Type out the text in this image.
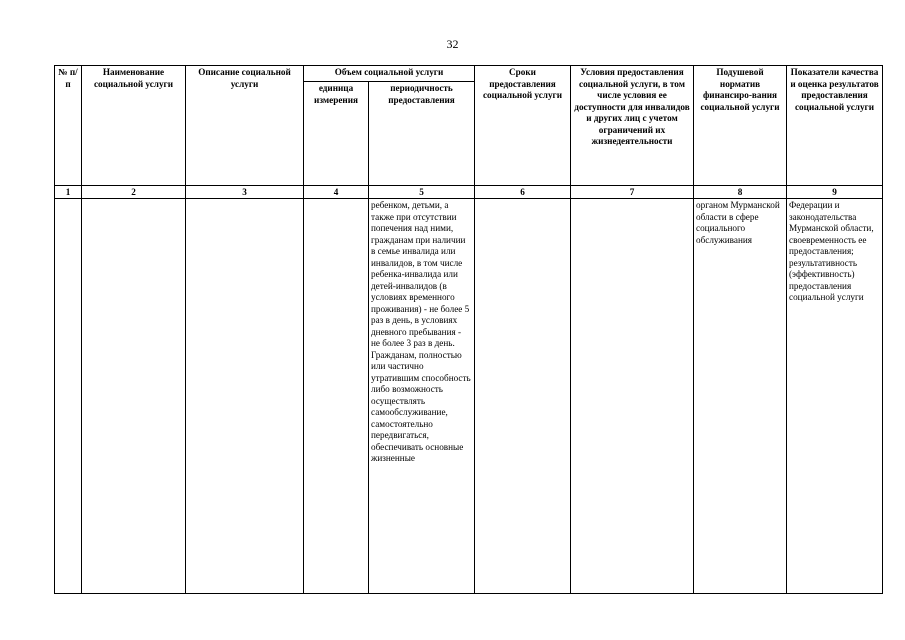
32
№ п/п	Наименование социальной услуги	Описание социальной услуги	Объем социальной услуги		Сроки предоставления социальной услуги	Условия предоставления социальной услуги, в том числе условия ее доступности для инвалидов и других лиц с учетом ограничений их жизнедеятельности	Подушевой норматив финансиро-вания социальной услуги	Показатели качества и оценка результатов предоставления социальной услуги
			единица измерения	периодичность предоставления				
1	2	3	4	5	6	7	8	9
				ребенком, детьми, а также при отсутствии попечения над ними, гражданам при наличии в семье инвалида или инвалидов, в том числе ребенка-инвалида или детей-инвалидов (в условиях временного проживания) - не более 5 раз в день, в условиях дневного пребывания - не более 3 раз в день. Гражданам, полностью или частично утратившим способность либо возможность осуществлять самообслуживание, самостоятельно передвигаться, обеспечивать основные жизненные			органом Мурманской области в сфере социального обслуживания	Федерации и законодательства Мурманской области, своевременность ее предоставления; результативность (эффективность) предоставления социальной услуги
